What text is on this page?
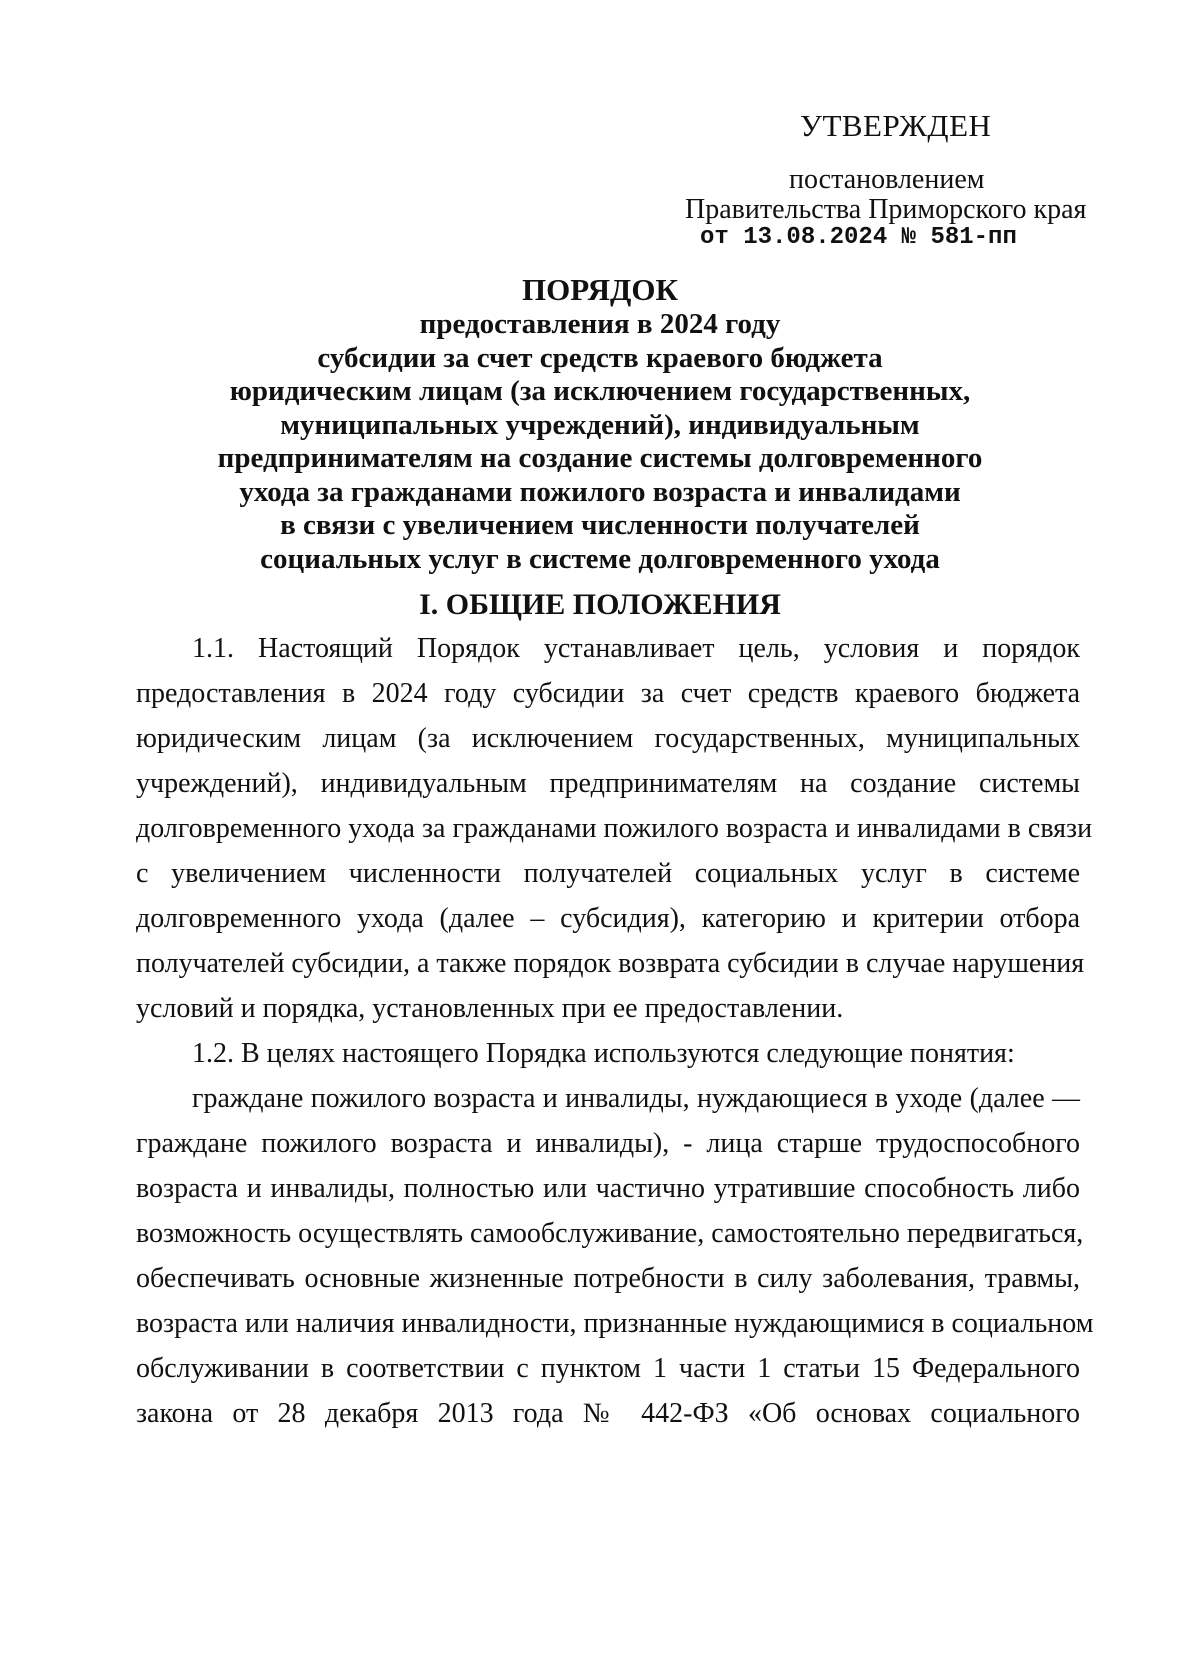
УТВЕРЖДЕН
постановлением
Правительства Приморского края
от 13.08.2024 № 581-пп
ПОРЯДОК
предоставления в 2024 году
субсидии за счет средств краевого бюджета
юридическим лицам (за исключением государственных,
муниципальных учреждений), индивидуальным
предпринимателям на создание системы долговременного
ухода за гражданами пожилого возраста и инвалидами
в связи с увеличением численности получателей
социальных услуг в системе долговременного ухода
I. ОБЩИЕ ПОЛОЖЕНИЯ
1.1. Настоящий Порядок устанавливает цель, условия и порядок
предоставления в 2024 году субсидии за счет средств краевого бюджета
юридическим лицам (за исключением государственных, муниципальных
учреждений), индивидуальным предпринимателям на создание системы
долговременного ухода за гражданами пожилого возраста и инвалидами в связи
с увеличением численности получателей социальных услуг в системе
долговременного ухода (далее – субсидия), категорию и критерии отбора
получателей субсидии, а также порядок возврата субсидии в случае нарушения
условий и порядка, установленных при ее предоставлении.
1.2. В целях настоящего Порядка используются следующие понятия:
граждане пожилого возраста и инвалиды, нуждающиеся в уходе (далее —
граждане пожилого возраста и инвалиды), - лица старше трудоспособного
возраста и инвалиды, полностью или частично утратившие способность либо
возможность осуществлять самообслуживание, самостоятельно передвигаться,
обеспечивать основные жизненные потребности в силу заболевания, травмы,
возраста или наличия инвалидности, признанные нуждающимися в социальном
обслуживании в соответствии с пунктом 1 части 1 статьи 15 Федерального
закона от 28 декабря 2013 года № 442-ФЗ «Об основах социального
